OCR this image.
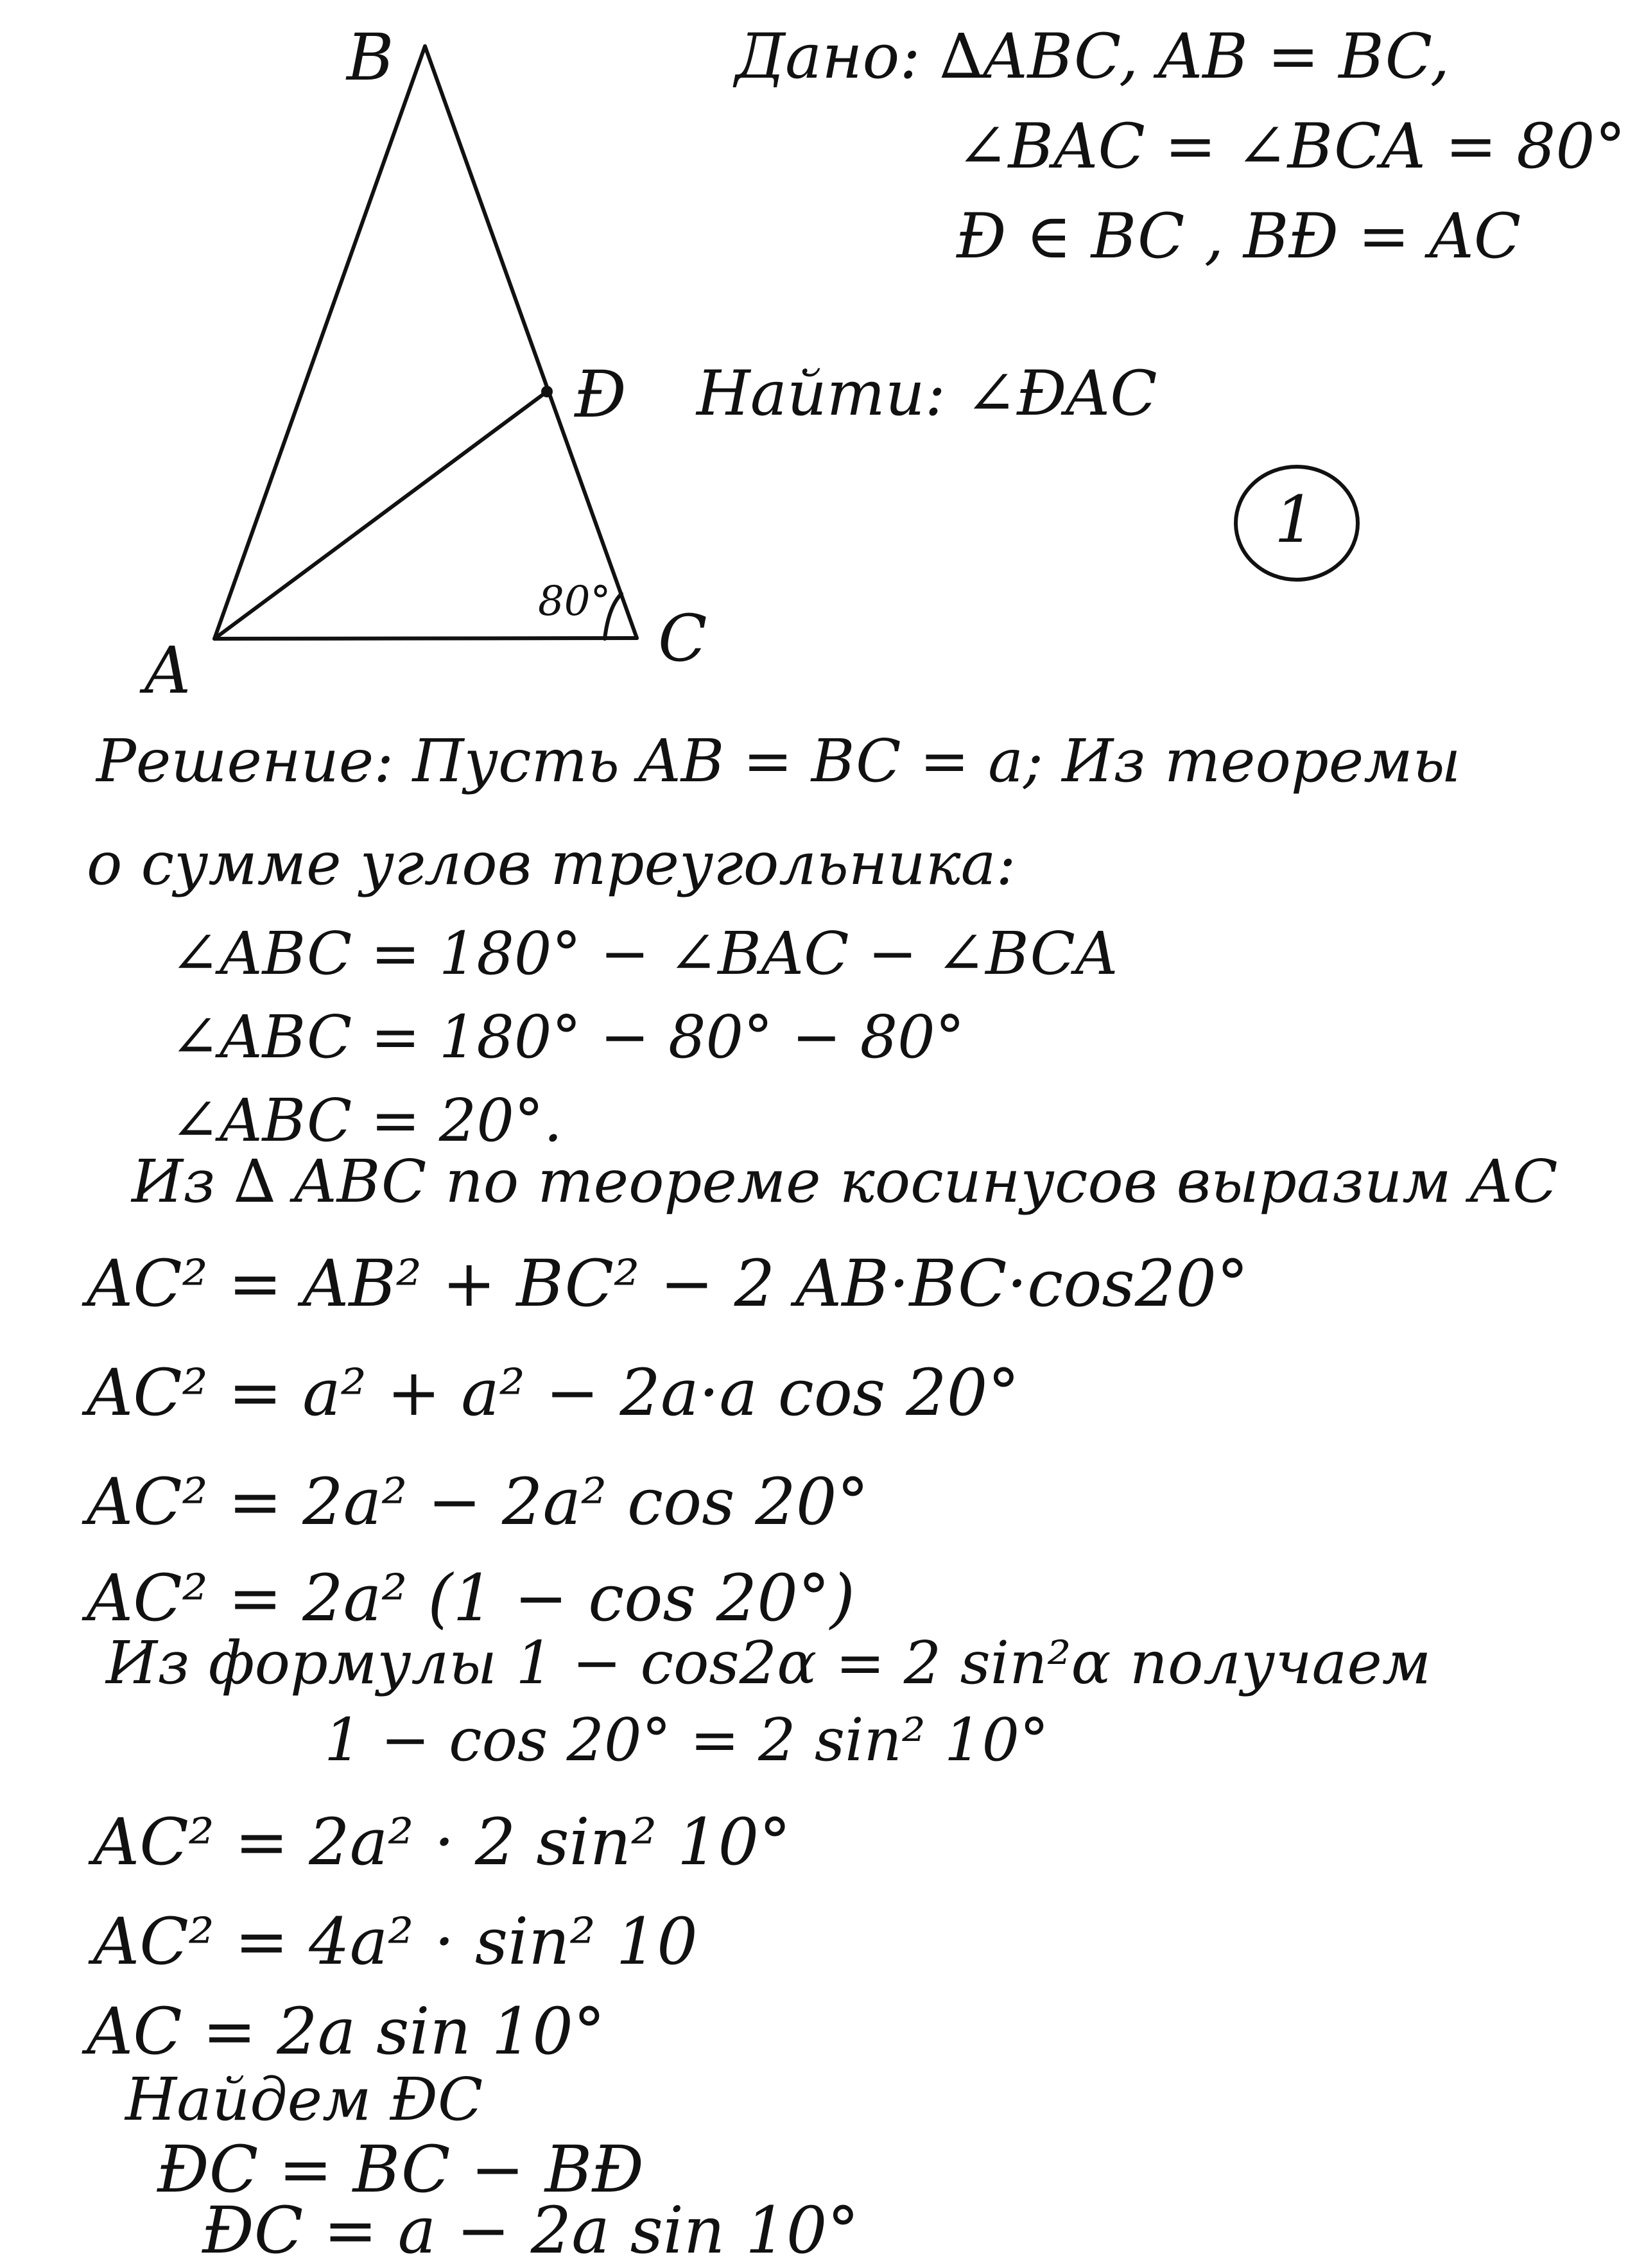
B
Ð
A	C
80°
Дано: ∆ABC, AB = BC,
∠BAC = ∠BCA = 80°
Ð ∈ BC , BÐ = AC
Найти: ∠ÐAC
1
Решение: Пусть AB = BC = a; Из теоремы
о сумме углов треугольника:
∠ABC = 180° − ∠BAC − ∠BCA
∠ABC = 180° − 80° − 80°
∠ABC = 20°.
Из ∆ ABC по теореме косинусов выразим AC
AC² = AB² + BC² − 2 AB·BC·cos20°
AC² = a² + a² − 2a·a cos 20°
AC² = 2a² − 2a² cos 20°
AC² = 2a² (1 − cos 20°)
Из формулы 1 − cos2α = 2 sin²α получаем
1 − cos 20° = 2 sin² 10°
AC² = 2a² · 2 sin² 10°
AC² = 4a² · sin² 10
AC = 2a sin 10°
Найдем ÐC
ÐC = BC − BÐ
ÐC = a − 2a sin 10°
